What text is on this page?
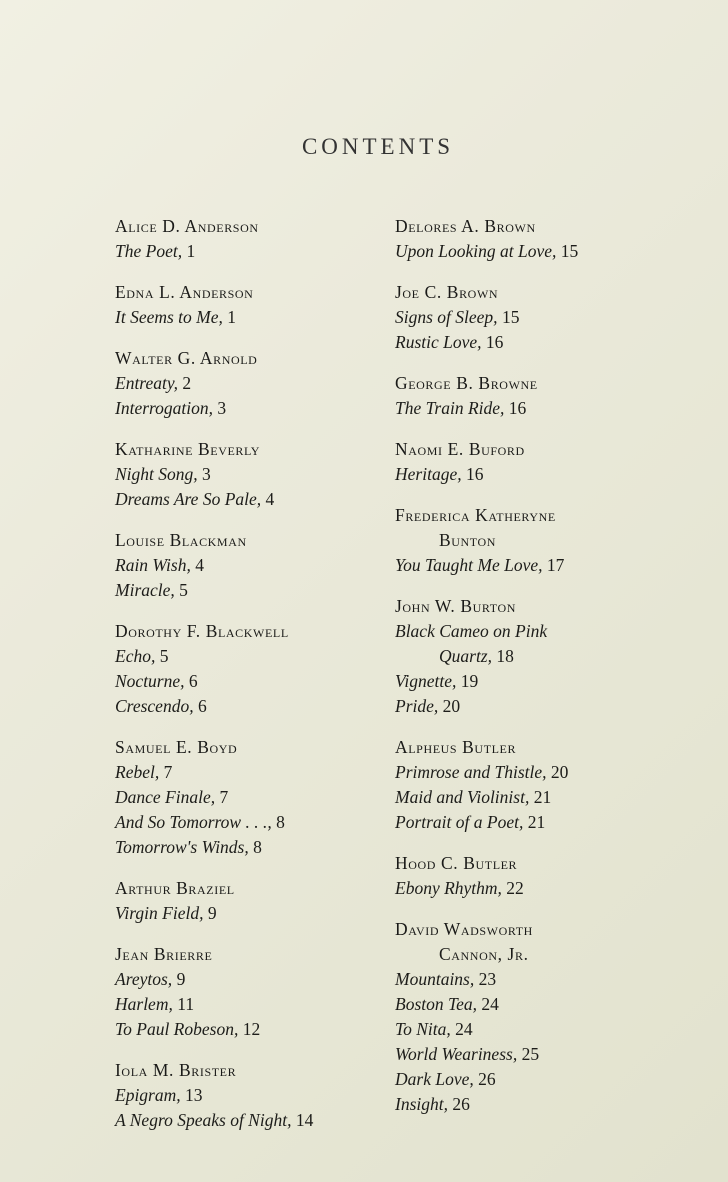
CONTENTS
Alice D. Anderson
The Poet, 1
Edna L. Anderson
It Seems to Me, 1
Walter G. Arnold
Entreaty, 2
Interrogation, 3
Katharine Beverly
Night Song, 3
Dreams Are So Pale, 4
Louise Blackman
Rain Wish, 4
Miracle, 5
Dorothy F. Blackwell
Echo, 5
Nocturne, 6
Crescendo, 6
Samuel E. Boyd
Rebel, 7
Dance Finale, 7
And So Tomorrow . . ., 8
Tomorrow's Winds, 8
Arthur Braziel
Virgin Field, 9
Jean Brierre
Areytos, 9
Harlem, 11
To Paul Robeson, 12
Iola M. Brister
Epigram, 13
A Negro Speaks of Night, 14
Delores A. Brown
Upon Looking at Love, 15
Joe C. Brown
Signs of Sleep, 15
Rustic Love, 16
George B. Browne
The Train Ride, 16
Naomi E. Buford
Heritage, 16
Frederica Katheryne
Bunton
You Taught Me Love, 17
John W. Burton
Black Cameo on Pink
Quartz, 18
Vignette, 19
Pride, 20
Alpheus Butler
Primrose and Thistle, 20
Maid and Violinist, 21
Portrait of a Poet, 21
Hood C. Butler
Ebony Rhythm, 22
David Wadsworth
Cannon, Jr.
Mountains, 23
Boston Tea, 24
To Nita, 24
World Weariness, 25
Dark Love, 26
Insight, 26
